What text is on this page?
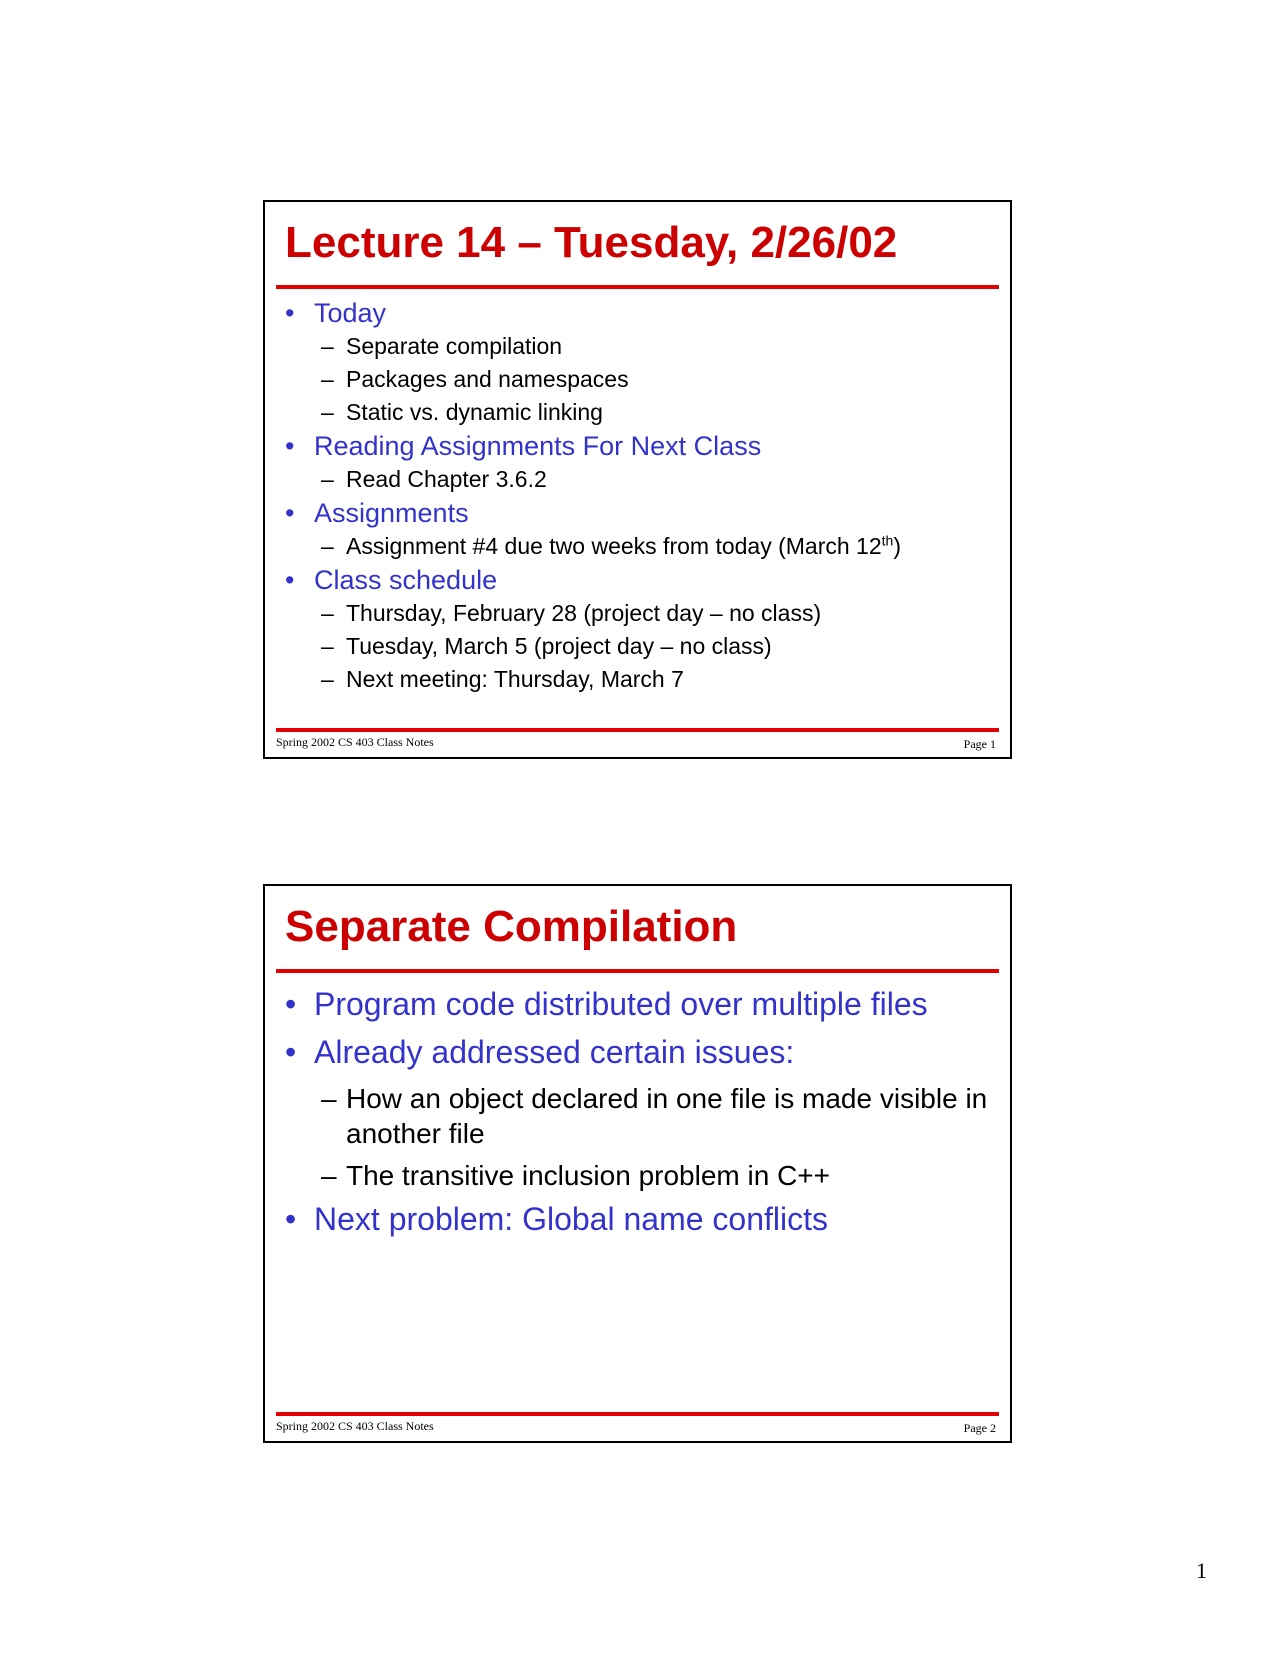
Lecture 14 – Tuesday, 2/26/02
• Today
– Separate compilation
– Packages and namespaces
– Static vs. dynamic linking
• Reading Assignments For Next Class
– Read Chapter 3.6.2
• Assignments
– Assignment #4 due two weeks from today (March 12th)
• Class schedule
– Thursday, February 28 (project day – no class)
– Tuesday, March 5 (project day – no class)
– Next meeting: Thursday, March 7
Spring 2002 CS 403 Class Notes	Page 1
Separate Compilation
• Program code distributed over multiple files
• Already addressed certain issues:
– How an object declared in one file is made visible in another file
– The transitive inclusion problem in C++
• Next problem: Global name conflicts
Spring 2002 CS 403 Class Notes	Page 2
1
